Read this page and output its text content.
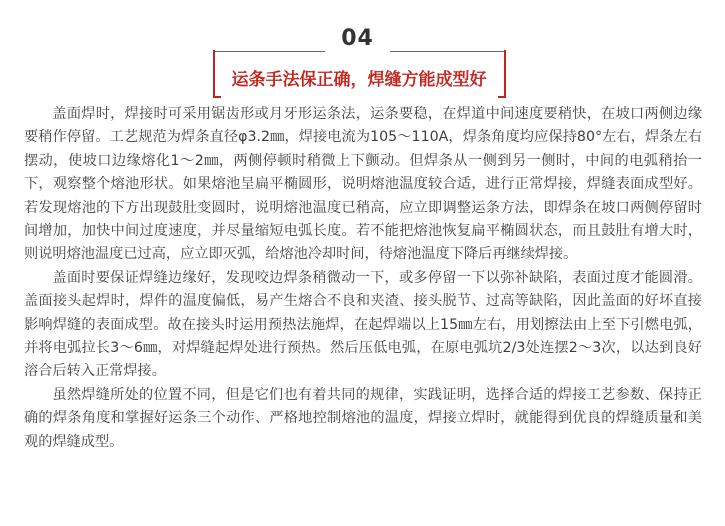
04
运条手法保正确，焊缝方能成型好

盖面焊时，焊接时可采用锯齿形或月牙形运条法，运条要稳，在焊道中间速度要稍快，在坡口两侧边缘要稍作停留。工艺规范为焊条直径φ3.2㎜，焊接电流为105～110A，焊条角度均应保持80°左右，焊条左右摆动，使坡口边缘熔化1～2㎜，两侧停顿时稍微上下颤动。但焊条从一侧到另一侧时，中间的电弧稍抬一下，观察整个熔池形状。如果熔池呈扁平椭圆形，说明熔池温度较合适，进行正常焊接，焊缝表面成型好。若发现熔池的下方出现鼓肚变圆时，说明熔池温度已稍高，应立即调整运条方法，即焊条在坡口两侧停留时间增加，加快中间过度速度，并尽量缩短电弧长度。若不能把熔池恢复扁平椭圆状态，而且鼓肚有增大时，则说明熔池温度已过高，应立即灭弧，给熔池冷却时间，待熔池温度下降后再继续焊接。

盖面时要保证焊缝边缘好，发现咬边焊条稍微动一下，或多停留一下以弥补缺陷，表面过度才能圆滑。盖面接头起焊时，焊件的温度偏低，易产生熔合不良和夹渣、接头脱节、过高等缺陷，因此盖面的好坏直接影响焊缝的表面成型。故在接头时运用预热法施焊，在起焊端以上15㎜左右，用划擦法由上至下引燃电弧，并将电弧拉长3～6㎜，对焊缝起焊处进行预热。然后压低电弧，在原电弧坑2/3处连摆2～3次，以达到良好溶合后转入正常焊接。

虽然焊缝所处的位置不同，但是它们也有着共同的规律，实践证明，选择合适的焊接工艺参数、保持正确的焊条角度和掌握好运条三个动作、严格地控制熔池的温度，焊接立焊时，就能得到优良的焊缝质量和美观的焊缝成型。
